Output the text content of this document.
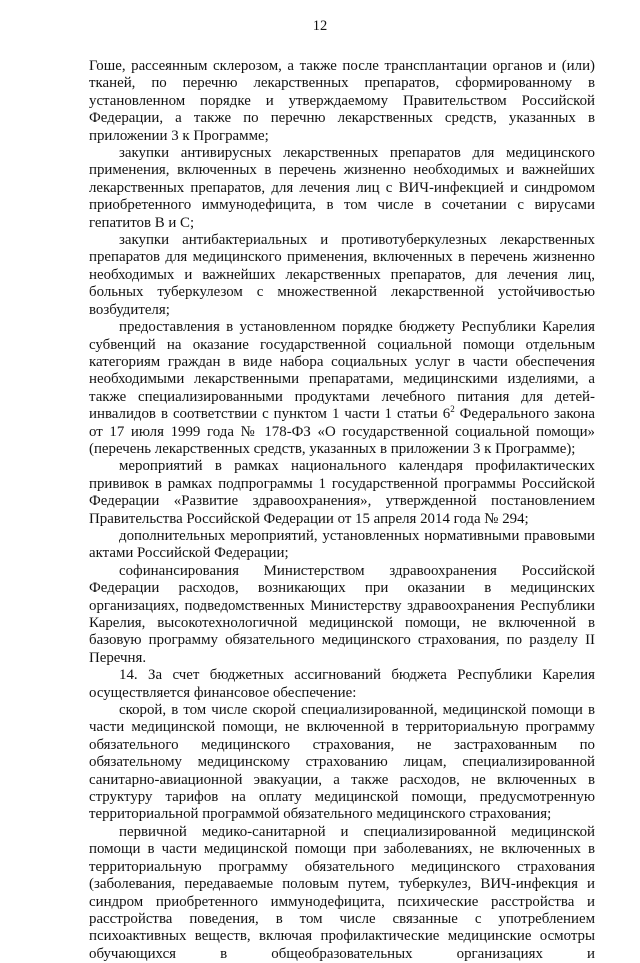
12

Гоше, рассеянным склерозом, а также после трансплантации органов и (или) тканей, по перечню лекарственных препаратов, сформированному в установленном порядке и утверждаемому Правительством Российской Федерации, а также по перечню лекарственных средств, указанных в приложении 3 к Программе;

закупки антивирусных лекарственных препаратов для медицинского применения, включенных в перечень жизненно необходимых и важнейших лекарственных препаратов, для лечения лиц с ВИЧ-инфекцией и синдромом приобретенного иммунодефицита, в том числе в сочетании с вирусами гепатитов В и С;

закупки антибактериальных и противотуберкулезных лекарственных препаратов для медицинского применения, включенных в перечень жизненно необходимых и важнейших лекарственных препаратов, для лечения лиц, больных туберкулезом с множественной лекарственной устойчивостью возбудителя;

предоставления в установленном порядке бюджету Республики Карелия субвенций на оказание государственной социальной помощи отдельным категориям граждан в виде набора социальных услуг в части обеспечения необходимыми лекарственными препаратами, медицинскими изделиями, а также специализированными продуктами лечебного питания для детей-инвалидов в соответствии с пунктом 1 части 1 статьи $6^2$ Федерального закона от 17 июля 1999 года № 178-ФЗ «О государственной социальной помощи» (перечень лекарственных средств, указанных в приложении 3 к Программе);

мероприятий в рамках национального календаря профилактических прививок в рамках подпрограммы 1 государственной программы Российской Федерации «Развитие здравоохранения», утвержденной постановлением Правительства Российской Федерации от 15 апреля 2014 года № 294;

дополнительных мероприятий, установленных нормативными правовыми актами Российской Федерации;

софинансирования Министерством здравоохранения Российской Федерации расходов, возникающих при оказании в медицинских организациях, подведомственных Министерству здравоохранения Республики Карелия, высокотехнологичной медицинской помощи, не включенной в базовую программу обязательного медицинского страхования, по разделу II Перечня.

14. За счет бюджетных ассигнований бюджета Республики Карелия осуществляется финансовое обеспечение:

скорой, в том числе скорой специализированной, медицинской помощи в части медицинской помощи, не включенной в территориальную программу обязательного медицинского страхования, не застрахованным по обязательному медицинскому страхованию лицам, специализированной санитарно-авиационной эвакуации, а также расходов, не включенных в структуру тарифов на оплату медицинской помощи, предусмотренную территориальной программой обязательного медицинского страхования;

первичной медико-санитарной и специализированной медицинской помощи в части медицинской помощи при заболеваниях, не включенных в территориальную программу обязательного медицинского страхования (заболевания, передаваемые половым путем, туберкулез, ВИЧ-инфекция и синдром приобретенного иммунодефицита, психические расстройства и расстройства поведения, в том числе связанные с употреблением психоактивных веществ, включая профилактические медицинские осмотры обучающихся в общеобразовательных организациях и
